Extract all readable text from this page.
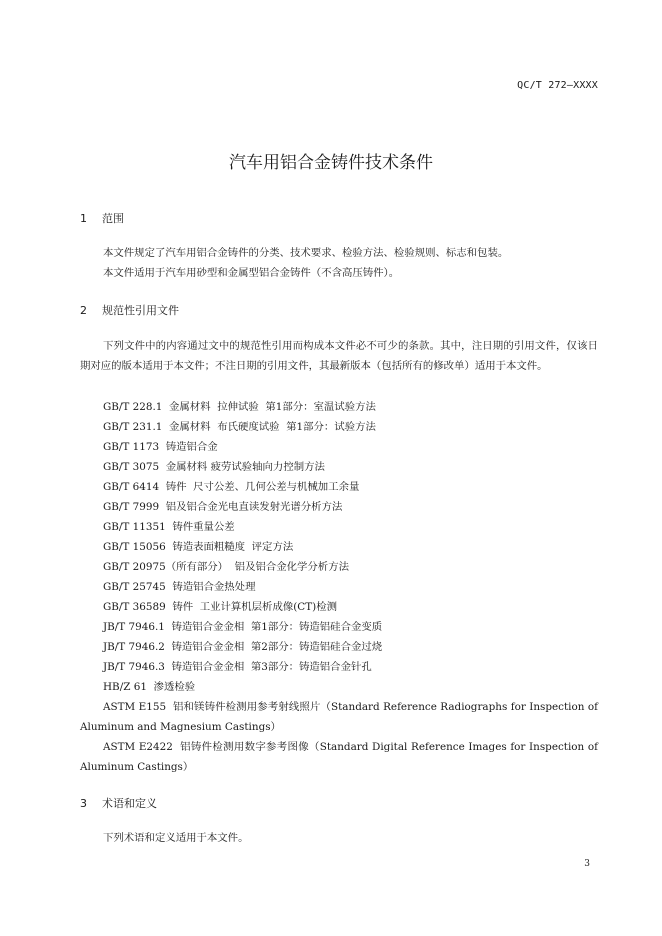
QC/T 272—XXXX
汽车用铝合金铸件技术条件
1 范围
本文件规定了汽车用铝合金铸件的分类、技术要求、检验方法、检验规则、标志和包装。
本文件适用于汽车用砂型和金属型铝合金铸件（不含高压铸件）。
2 规范性引用文件
下列文件中的内容通过文中的规范性引用而构成本文件必不可少的条款。其中，注日期的引用文件，仅该日期对应的版本适用于本文件；不注日期的引用文件，其最新版本（包括所有的修改单）适用于本文件。
GB/T 228.1  金属材料  拉伸试验  第1部分：室温试验方法
GB/T 231.1  金属材料  布氏硬度试验  第1部分：试验方法
GB/T 1173  铸造铝合金
GB/T 3075  金属材料 疲劳试验轴向力控制方法
GB/T 6414  铸件  尺寸公差、几何公差与机械加工余量
GB/T 7999  铝及铝合金光电直读发射光谱分析方法
GB/T 11351  铸件重量公差
GB/T 15056  铸造表面粗糙度  评定方法
GB/T 20975（所有部分）  铝及铝合金化学分析方法
GB/T 25745  铸造铝合金热处理
GB/T 36589  铸件  工业计算机层析成像(CT)检测
JB/T 7946.1  铸造铝合金金相  第1部分：铸造铝硅合金变质
JB/T 7946.2  铸造铝合金金相  第2部分：铸造铝硅合金过烧
JB/T 7946.3  铸造铝合金金相  第3部分：铸造铝合金针孔
HB/Z 61  渗透检验
ASTM E155  铝和镁铸件检测用参考射线照片（Standard Reference Radiographs for Inspection of Aluminum and Magnesium Castings）
ASTM E2422  铝铸件检测用数字参考图像（Standard Digital Reference Images for Inspection of Aluminum Castings）
3 术语和定义
下列术语和定义适用于本文件。
3
